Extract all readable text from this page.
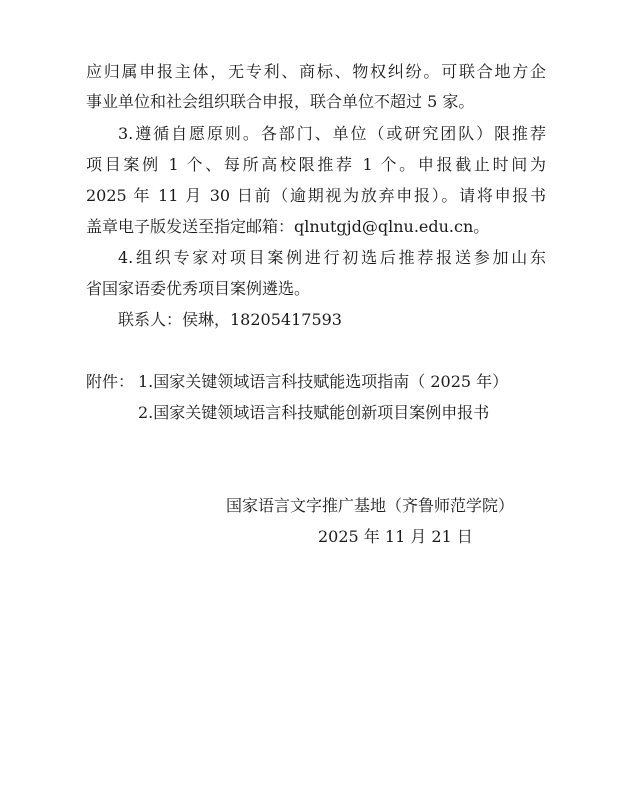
应归属申报主体，无专利、商标、物权纠纷。可联合地方企
事业单位和社会组织联合申报，联合单位不超过 5 家。
3.遵循自愿原则。各部门、单位（或研究团队）限推荐
项目案例 1 个、每所高校限推荐 1 个。申报截止时间为
2025 年 11 月 30 日前（逾期视为放弃申报）。请将申报书
盖章电子版发送至指定邮箱：qlnutgjd@qlnu.edu.cn。
4.组织专家对项目案例进行初选后推荐报送参加山东
省国家语委优秀项目案例遴选。
联系人：侯琳，18205417593
附件： 1.国家关键领域语言科技赋能选项指南（ 2025 年）
2.国家关键领域语言科技赋能创新项目案例申报书
国家语言文字推广基地（齐鲁师范学院）
2025 年 11 月 21 日
